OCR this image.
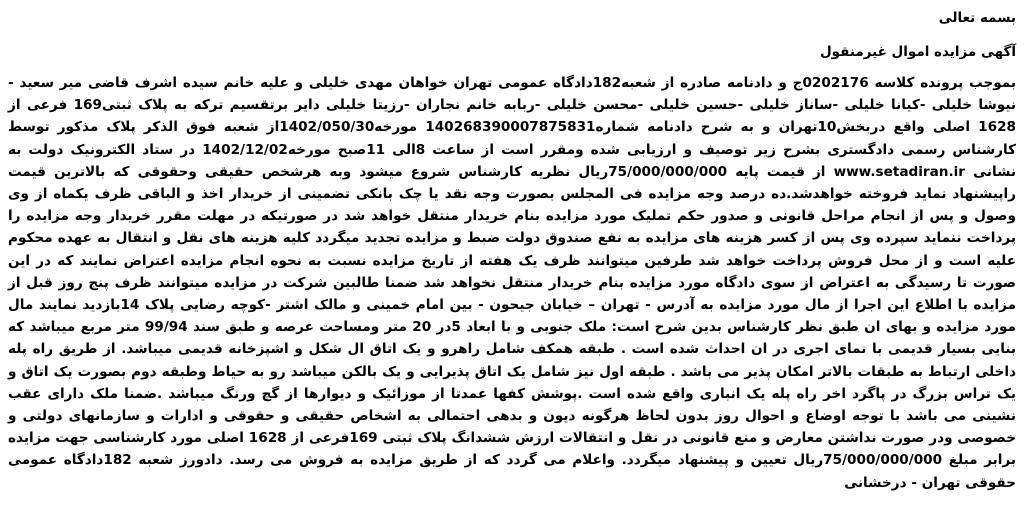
بسمه تعالی

آگهی مزایده اموال غیرمنقول

بموجب پرونده کلاسه 0202176ج و دادنامه صادره از شعبه182دادگاه عمومی تهران خواهان مهدی خلیلی و علیه خانم سیده اشرف قاضی میر سعید - نیوشا خلیلی -کیانا خلیلی -ساناز خلیلی -حسین خلیلی -محسن خلیلی -ربابه خانم نجاران -رزیتا خلیلی دایر برتقسیم ترکه به پلاک ثبتی169 فرعی از 1628 اصلی واقع دربخش10تهران و به شرح دادنامه شماره140268390007875831 مورخه1402/050/30از شعبه فوق الذکر پلاک مذکور توسط کارشناس رسمی دادگستری بشرح زیر توصیف و ارزیابی شده ومقرر است از ساعت 8الی 11صبح مورخه1402/12/02 در ستاد الکترونیک دولت به نشانی www.setadiran.ir از قیمت پایه 75/000/000/000ریال نظریه کارشناس شروع میشود وبه هرشخص حقیقی وحقوقی که بالاترین قیمت راپیشنهاد نماید فروخته خواهدشد.ده درصد وجه مزایده فی المجلس بصورت وجه نقد یا چک بانکی تضمینی از خریدار اخذ و الباقی ظرف یکماه از وی وصول و پس از انجام مراحل قانونی و صدور حکم تملیک مورد مزایده بنام خریدار منتقل خواهد شد در صورتیکه در مهلت مقرر خریدار وجه مزایده را پرداخت ننماید سپرده وی پس از کسر هزینه های مزایده به نفع صندوق دولت ضبط و مزایده تجدید میگردد کلیه هزینه های نقل و انتقال به عهده محکوم علیه است و از محل فروش پرداخت خواهد شد طرفین میتوانند ظرف یک هفته از تاریخ مزایده نسبت به نحوه انجام مزایده اعتراض نمایند که در این صورت تا رسیدگی به اعتراض از سوی دادگاه مورد مزایده بنام خریدار منتقل نخواهد شد ضمنا طالبین شرکت در مزایده میتوانند ظرف پنج روز قبل از مزایده با اطلاع این اجرا از مال مورد مزایده به آدرس - تهران – خیابان جیحون - بین امام خمینی و مالک اشتر -کوچه رضایی پلاک 14بازدید نمایند مال مورد مزایده و بهای ان طبق نظر کارشناس بدین شرح است: ملک جنوبی و با ابعاد 5در 20 متر ومساحت عرصه و طبق سند 99/94 متر مربع میباشد که بنایی بسیار قدیمی با نمای اجری در ان احداث شده است . طبقه همکف شامل راهرو و یک اتاق ال شکل و اشپزخانه قدیمی میباشد. از طریق راه پله داخلی ارتباط به طبقات بالاتر امکان پذیر می باشد . طبقه اول نیز شامل یک اتاق پذیرایی و یک بالکن میباشد رو به حیاط وطبقه دوم بصورت یک اتاق و یک تراس بزرگ در پاگرد اخر راه پله یک انباری واقع شده است .پوشش کفها عمدتا از موزائیک و دیوارها از گچ ورنگ میباشد .ضمنا ملک دارای عقب نشینی می باشد با توجه اوضاع و احوال روز بدون لحاظ هرگونه دیون و بدهی احتمالی به اشخاص حقیقی و حقوقی و ادارات و سازمانهای دولتی و خصوصی ودر صورت نداشتن معارض و منع قانونی در نقل و انتقالات ارزش ششدانگ پلاک ثبتی 169فرعی از 1628 اصلی مورد کارشناسی جهت مزایده برابر مبلغ 75/000/000/000ریال تعیین و پیشنهاد میگردد. واعلام می گردد که از طریق مزایده به فروش می رسد. دادورز شعبه 182دادگاه عمومی حقوقی تهران - درخشانی
